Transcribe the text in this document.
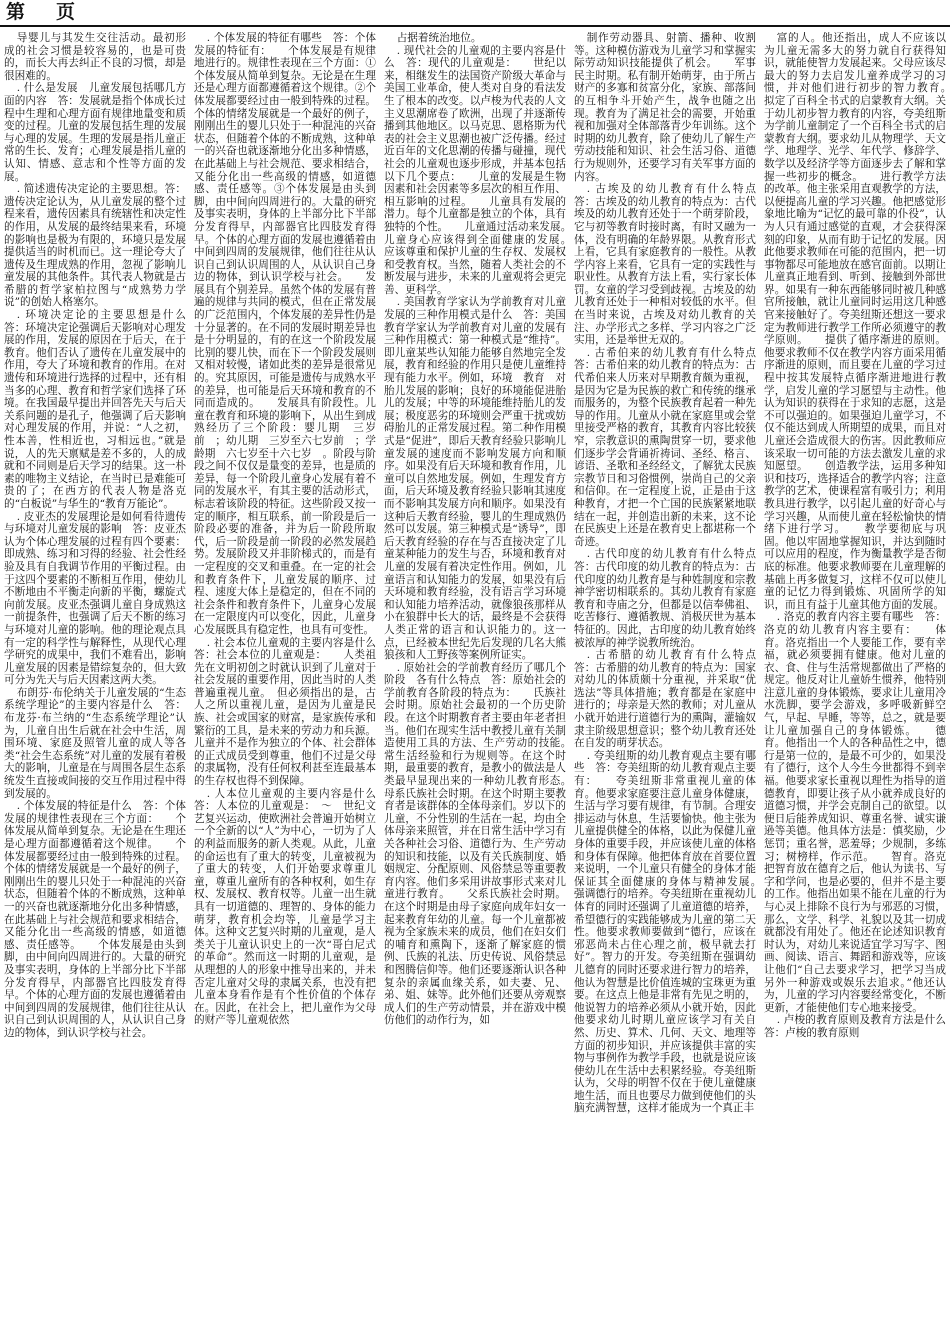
第　页

导婴儿与其发生交往活动。最初形成的社会习惯是较容易的，也是可贵的，而长大再去纠正不良的习惯，却是很困难的。

. 什么是发展　儿童发展包括哪几方面的内容　答：发展就是指个体成长过程中生理和心理方面有规律地量变和质变的过程。儿童的发展包括生理的发展与心理的发展。生理的发展是指儿童正常的生长、发育；心理发展是指儿童的认知、情感、意志和个性等方面的发展。

. 简述遗传决定论的主要思想。答：遗传决定论认为，从儿童发展的整个过程来看，遗传因素具有统辖性和决定性的作用，从发展的最终结果来看，环境的影响也是极为有限的，环境只是发展提供适当的时机而已。这一理论夸大了遗传及生理成熟的作用，忽视了影响儿童发展的其他条件。其代表人物就是古希腊的哲学家柏拉图与“成熟势力学说”的创始人格塞尔。

. 环境决定论的主要思想是什么　答：环境决定论强调后天影响对心理发展的作用，发展的原因在于后天，在于教育。他们否认了遗传在儿童发展中的作用，夸大了环境和教育的作用。在对遗传和环境进行选择的过程中，还有相当多的心理、教育和哲学家们选择了环境。在我国最早提出并回答先天与后天关系问题的是孔子，他强调了后天影响对心理发展的作用，并说：“人之初，性本善，性相近也，习相远也。”就是说，人的先天禀赋是差不多的，人的成就和不同则是后天学习的结果。这一朴素的唯物主义结论，在当时已是难能可贵的了；在西方的代表人物是洛克的“白板说”与华生的“教育万能论”。

. 皮亚杰的发展理论是如何看待遗传与环境对儿童发展的影响　答：皮亚杰认为个体心理发展的过程有四个要素：即成熟、练习和习得的经验、社会性经验及具有自我调节作用的平衡过程。由于这四个要素的不断相互作用，使幼儿不断地由不平衡走向新的平衡，螺旋式向前发展。皮亚杰强调儿童自身成熟这一前提条件，也强调了后天不断的练习与环境对儿童的影响。他的理论观点具有一定的科学性与解释性，从现代心理学研究的成果中，我们不难看出，影响儿童发展的因素是错综复杂的，但大致可分为先天与后天因素这两大类。

布朗芬·布伦纳关于儿童发展的“生态系统学理论”的主要内容是什么　答：布龙芬·布兰纳的“生态系统学理论”认为，儿童自出生后就在社会中生活，周围环境、家庭及照管儿童的成人等各类“社会生态系统”对儿童的发展有着极大的影响，儿童是在与周围各层生态系统发生直接或间接的交互作用过程中得到发展的。

. 个体发展的特征是什么　答：个体发展的规律性表现在三个方面：　　个体发展从简单到复杂。无论是在生理还是心理方面都遵循着这个规律。　　个体发展都要经过由一般到特殊的过程。个体的情绪发展就是一个最好的例子，刚刚出生的婴儿只处于一种混沌的兴奋状态，但随着个体的不断成熟，这种单一的兴奋也就逐渐地分化出多种情感，在此基础上与社会规范和要求相结合，又能分化出一些高级的情感，如道德感、责任感等。　　个体发展是由头到脚，由中间向四周进行的。大量的研究及事实表明，身体的上半部分比下半部分发育得早，内部器官比四肢发育得早。个体的心理方面的发展也遵循着由中间到四周的发展规律，他们往往从认识自己到认识周围的人，从认识自己身边的物体，到认识学校与社会。

. 个体发展的特征有哪些　答：个体发展的特征有：　　个体发展是有规律地进行的。规律性表现在三个方面：①个体发展从简单到复杂。无论是在生理还是心理方面都遵循着这个规律。②个体发展都要经过由一般到特殊的过程。个体的情绪发展就是一个最好的例子，刚刚出生的婴儿只处于一种混沌的兴奋状态，但随着个体的不断成熟，这种单一的兴奋也就逐渐地分化出多种情感，在此基础上与社会规范、要求相结合，又能分化出一些高级的情感，如道德感、责任感等。③个体发展是由头到脚，由中间向四周进行的。大量的研究及事实表明，身体的上半部分比下半部分发育得早，内部器官比四肢发育得早。个体的心理方面的发展也遵循着由中间到四周的发展规律，他们往往从认识自己到认识周围的人，从认识自己身边的物体，到认识学校与社会。　　发展具有个别差异。虽然个体的发展有普遍的规律与共同的模式，但在正常发展的广泛范围内，个体发展的差异性仍是十分显著的。在不同的发展时期差异也是十分明显的，有的在这一个阶段发展比别的婴儿快，而在下一个阶段发展则又相对较慢，诸如此类的差异是很常见的。究其原因，可能是遗传与成熟水平的差异，也可能是后天环境和教育的不同而造成的。　　发展具有阶段性。儿童在教育和环境的影响下，从出生到成熟经历了三个阶段：婴儿期　三岁前　；幼儿期　三岁至六七岁前　；学龄期　六七岁至十六七岁　。阶段与阶段之间不仅仅是量变的差异，也是质的差异，每一个阶段儿童身心发展有着不同的发展水平，有其主要的活动形式，标志着该阶段的特征。这些阶段又按一定的顺序，相互联系，前一阶段是后一阶段必要的准备，并为后一阶段所取代，后一阶段是前一阶段的必然发展趋势。发展阶段又并非阶梯式的，而是有一定程度的交叉和重叠。在一定的社会和教育条件下，儿童发展的顺序、过程、速度大体上是稳定的，但在不同的社会条件和教育条件下，儿童身心发展在一定限度内可以变化，因此，儿童身心发展既具有稳定性，也具有可变性。

. 社会本位儿童观的主要内容是什么　答：社会本位的儿童观是：　　人类祖先在文明初创之时就认识到了儿童对于社会发展的重要作用，因此当时的人类普遍重视儿童。　但必须指出的是，古人之所以重视儿童，是因为儿童是民族、社会或国家的财富，是家族传承和繁衍的工具，是未来的劳动力和兵源。儿童并不是作为独立的个体、社会群体的正式成员受到尊重，他们不过是父母的隶属物，没有任何权利甚至连最基本的生存权也得不到保障。

. 人本位儿童观的主要内容是什么　答：人本位的儿童观是：　～　世纪文艺复兴运动，使欧洲社会普遍开始树立一个全新的以“人”为中心，一切为了人的利益而服务的新人类观。从此，儿童的命运也有了重大的转变，儿童被视为了重大的转变，人们开始要求尊重儿童，尊重儿童所有的各种权利，如生存权、发展权、教育权等。儿童一出生就具有一切道德的、理智的、身体的能力萌芽，教育机会均等，儿童是学习主体。这种文艺复兴时期的儿童观，是人类关于儿童认识史上的一次“哥白尼式的革命”。然而这一时期的儿童观，是从理想的人的形象中推导出来的，并未否定儿童对父母的隶属关系，也没有把儿童本身看作是有个性价值的个体存在。因此，在社会上，把儿童作为父母的财产等儿童观依然

占据着统治地位。

. 现代社会的儿童观的主要内容是什么　答：现代的儿童观是：　　世纪以来，相继发生的法国资产阶级大革命与美国工业革命，使人类对自身的看法发生了根本的改变。以卢梭为代表的人文主义思潮席卷了欧洲，出现了并逐渐传播到其他地区。以马克思、恩格斯为代表的社会主义思潮也被广泛传播。经过近百年的文化思潮的传播与碰撞，现代社会的儿童观也逐步形成，并基本包括以下几个要点：　　儿童的发展是生物因素和社会因素等多层次的相互作用、相互影响的过程。　　儿童具有发展的潜力。每个儿童都是独立的个体，具有独特的个性。　　儿童通过活动来发展。　　儿童身心应该得到全面健康的发展。　　应该尊重和保护儿童的生存权、发展权和受教育权。当然，随着人类社会的不断发展与进步，未来的儿童观将会更完善、更科学。

. 美国教育学家认为学前教育对儿童发展的三种作用模式是什么　答：美国教育学家认为学前教育对儿童的发展有三种作用模式：第一种模式是“维持”。即儿童某些认知能力能够自然地完全发展，教育和经验的作用只是使儿童维持现有能力水平。例如，环境　教育　对胎儿发展的影响；良好的环境能促进胎儿的发展；中等的环境能维持胎儿的发展；极度恶劣的环境则会严重干扰或妨碍胎儿的正常发展过程。第二种作用模式是“促进”，即后天教育经验只影响儿童发展的速度而不影响发展方向和顺序。如果没有后天环境和教育作用，儿童可以自然地发展。例如，生理发育方面，后天环境及教育经验只影响其速度而不影响其发展方向和顺序。如果没有这种后天教育经验，婴儿的生理成熟仍然可以发展。第三种模式是“诱导”，即后天教育经验的存在与否直接决定了儿童某种能力的发生与否，环境和教育对儿童的发展有着决定性作用。例如，儿童语言和认知能力的发展，如果没有后天环境和教育经验，没有语言学习环境和认知能力培养活动，就像狼孩那样从小在狼群中长大的话，最终是不会获得人类正常的语言和认识能力的。这一点，已经被本世纪先后发现的几名大熊狼孩和人工野孩等案例所证实。

. 原始社会的学前教育经历了哪几个阶段　各有什么特点　答：原始社会的学前教育各阶段的特点为：　　氏族社会时期。原始社会最初的一个历史阶段。在这个时期教育者主要由年老者担当。他们在现实生活中教授儿童有关制造使用工具的方法、生产劳动的技能。　　常生活经验和行为规则等。在这个时期，最重要的教育，是教小的做法是人类最早显现出来的一种幼儿教育形态。　　母系氏族社会时期。在这个时期主要教育者是该群体的全体母亲们。岁以下的儿童，不分性别的生活在一起，均由全体母亲来照管，并在日常生活中学习有关各种社会习俗、道德行为、生产劳动的知识和技能，以及有关氏族制度、婚姻规定、分配原则、风俗禁忌等重要教育内容。他们多采用讲故事形式来对儿童进行教育。　　父系氏族社会时期。在这个时期是由母子家庭向成年妇女一起来教育年幼的儿童。每一个儿童都被视为全家族未来的成员，他们在妇女们的哺育和熏陶下，逐渐了解家庭的惯例、氏族的礼法、历史传说、风俗禁忌和图腾信仰等。他们还要逐渐认识各种复杂的亲属血缘关系，如夫妻、兄、弟、姐、妹等。此外他们还要从旁观察成人们的生产劳动情景，并在游戏中模仿他们的动作行为，如

制作劳动器具、射箭、播种、收割等。这种模仿游戏为儿童学习和掌握实际劳动知识技能提供了机会。　　军事民主时期。私有制开始萌芽，由于所占财产的多寡和贫富分化，家族、部落间的互相争斗开始产生，战争也随之出现。教育为了满足社会的需要，开始重视和加强对全体部落青少年训练。这个时期的幼儿教育，除了使幼儿了解生产劳动技能和知识、社会生活习俗、道德行为规则外，还要学习有关军事方面的内容。

. 古埃及的幼儿教育有什么特点　答：古埃及的幼儿教育的特点为：古代埃及的幼儿教育还处于一个萌芽阶段，它与初等教育时接时离，有时又融为一体，没有明确的年龄界限。从教育形式上看，它具有家庭教育的一般性。从教学内容上来看，它具有一定的实践性与职业性。从教育方法上看，实行家长体罚。女童的学习受到歧视。古埃及的幼儿教育还处于一种相对较低的水平。但在当时来说，古埃及对幼儿教育的关注、办学形式之多样、学习内容之广泛实用，还是举世无双的。

. 古希伯来的幼儿教育有什么特点　答：古希伯来的幼儿教育的特点为：古代希伯来人历来对早期教育颇为重视，是因为它是为民族的救亡和传统的继承而服务的，为整个民族教育起着一种先导的作用。儿童从小就在家庭里或会堂里接受严格的教育，其教育内容比较狭窄，宗教意识的熏陶贯穿一切，要求他们逐步学会背诵祈祷词、圣经、格言、谚语、圣歌和圣经经文，了解犹太民族宗教节日和习俗惯例，崇尚自己的父亲和信仰。在一定程度上说，正是由于这种教育，才把一个亡国的民族紧紧地联结在一起，并创造出新的未来，这不论在民族史上还是在教育史上都堪称一个奇迹。

. 古代印度的幼儿教育有什么特点　答：古代印度的幼儿教育的特点为：古代印度的幼儿教育是与种姓制度和宗教神学密切相联系的。其幼儿教育有家庭教育和寺庙之分，但都是以信奉佛祖、吃苦修行、遵循教规、消极厌世为基本特征的。因此，古印度的幼儿教育始终被浓厚的神学说教所统治。

. 古希腊的幼儿教育有什么特点　答：古希腊的幼儿教育的特点为：国家对幼儿的体质颇十分重视，并采取“优选法”等具体措施；教育都是在家庭中进行的；母亲是天然的教师；对儿童从小就开始进行道德行为的熏陶，灌输奴隶主阶级思想意识；整个幼儿教育还处在自发的萌芽状态。

. 夸美纽斯的幼儿教育观点主要有哪些　答：夸美纽斯的幼儿教育观点主要有：　　夸美纽斯非常重视儿童的体育。他要求家庭要注意儿童身体健康，生活与学习要有规律，有节制。合理安排运动与休息，生活要愉快。他主张为儿童提供健全的体格，以此为保健儿童身体的重要手段，并应该使儿童的体格和身体有保障。他把体育放在首要位置来说明，一个儿童只有健全的身体才能保证其全面健康的身体与精神发展。　　强调德行的培养。夸美纽斯在重视幼儿体育的同时还强调了儿童道德的培养，希望德行的实践能够成为儿童的第二天性。他要求教师要做到“德行，应该在邪恶尚未占住心理之前，极早就去打好”。智力的开发。夸美纽斯在强调幼儿德育的同时还要求进行智力的培养，他认为智慧是比价值连城的宝珠更为重要。在这点上他是非常有先见之明的，他说智力的培养必须从小就开始，因此他要求幼儿时期儿童应该学习有关自然、历史、算术、几何、天文、地理等方面的初步知识，并应该提供丰富的实物与事例作为教学手段，也就是说应该使幼儿在生活中去积累经验。夸美纽斯认为，父母的明智不仅在于使儿童健康地生活，而且也要尽力做到使他们的头脑充满智慧，这样才能成为一个真正丰

富的人。他还指出，成人不应该以为儿童无需多大的努力就自行获得知识，就能使智力发展起来。父母应该尽最大的努力去启发儿童养成学习的习惯，并对他们进行初步的智力教育。　　拟定了百科全书式的启蒙教育大纲。关于幼儿初步智力教育的内容，夸美纽斯为学前儿童制定了一个百科全书式的启蒙教育大纲。要求幼儿从物理学、天文学、地理学、光学、年代学、修辞学、数学以及经济学等方面逐步去了解和掌握一些初步的概念。　　进行教学方法的改革。他主张采用直观教学的方法，以便提高儿童的学习兴趣。他把感觉形象地比喻为“记忆的最可靠的仆役”，认为人只有通过感觉的直观，才会获得深刻的印象，从而有助于记忆的发展。因此他要求教师在可能的范围内，把一切事物都尽可能地放在感官面前。以期让儿童真正地看到、听到、接触到外部世界。如果有一种东西能够同时被几种感官所接触，就让儿童同时运用这几种感官来接触好了。夸美纽斯还想这一要求定为教师进行教学工作所必须遵守的教学原则。　　提供了循序渐进的原则。他要求教师不仅在教学内容方面采用循序渐进的原则，而且要在儿童的学习过程中按其发展特点循序渐进地进行教学，启发儿童的学习愿望与主动性。他认为知识的获得在于求知的志愿，这是不可以强迫的。如果强迫儿童学习，不仅不能达到成人所期望的成果，而且对儿童还会造成很大的伤害。因此教师应该采取一切可能的方法去激发儿童的求知愿望。　　创造教学法，运用多种知识和技巧，选择适合的教学内容；注意教学的艺术，使课程富有吸引力；利用教具进行教学，以引起儿童的好奇心与学习兴趣，从而使儿童在轻松愉快的情绪下进行学习。　　教学要彻底与巩固。他以牢固地掌握知识，并达到随时可以应用的程度，作为衡量教学是否彻底的标准。他要求教师要在儿童理解的基础上再多做复习，这样不仅可以使儿童的记忆力得到锻炼、巩固所学的知识，而且有益于儿童其他方面的发展。

. 洛克的教育内容主要有哪些　答：洛克的幼儿教育内容主要有：　　体育。洛克指出一个人要能工作，要有幸福，就必须要拥有健康。他对儿童的衣、食、住与生活常规都做出了严格的规定。他反对让儿童娇生惯养，他特别注意儿童的身体锻炼，要求让儿童用冷水洗脚，要学会游戏，多呼吸新鲜空气，早起、早睡，等等，总之，就是要让儿童加强自己的身体锻炼。　　德育。他指出一个人的各种品性之中，德行是第一位的，是最不可少的，如果没有了德行，这个人今生今世都得不到幸福。他要求家长重视以理性为指导的道德教育，即要让孩子从小就养成良好的道德习惯，并学会克制自己的欲望。以便日后能养成知识、尊重名誉、诚实谦逊等美德。他具体方法是：慎奖励，少惩罚；重名誉，恶羞辱；少规制，多练习；树榜样，作示范。　　智育。洛克把智育放在德育之后，他认为读书、写字和学问，也是必要的，但并不是主要的工作。他指出如果不能在儿童的行为与心灵上排除不良行为与邪恶的习惯，那么，文学、科学、礼貌以及其一切成就都没有用处了。他还在论述知识教育时认为，对幼儿来说适宜学习写字、图画、阅读、语言、舞蹈和游戏等，应该让他们“自己去要求学习，把学习当成另外一种游戏或娱乐去追求。”他还认为，儿童的学习内容要经常变化，不断更新，才能使他们专心地来接受。

. 卢梭的教育原则及教育方法是什么　答：卢梭的教育原则
